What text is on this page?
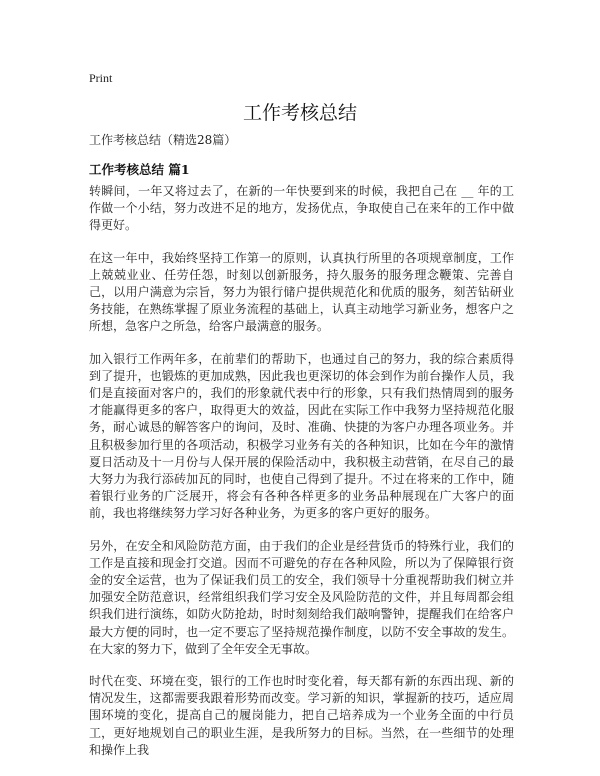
Print
工作考核总结
工作考核总结（精选28篇）
工作考核总结 篇1

转瞬间，一年又将过去了，在新的一年快要到来的时候，我把自己在 __ 年的工作做一个小结，努力改进不足的地方，发扬优点，争取使自己在来年的工作中做得更好。

在这一年中，我始终坚持工作第一的原则，认真执行所里的各项规章制度，工作上兢兢业业、任劳任怨，时刻以创新服务，持久服务的服务理念鞭策、完善自己，以用户满意为宗旨，努力为银行储户提供规范化和优质的服务，刻苦钻研业务技能，在熟练掌握了原业务流程的基础上，认真主动地学习新业务，想客户之所想，急客户之所急，给客户最满意的服务。

加入银行工作两年多，在前辈们的帮助下，也通过自己的努力，我的综合素质得到了提升，也锻炼的更加成熟，因此我也更深切的体会到作为前台操作人员，我们是直接面对客户的，我们的形象就代表中行的形象，只有我们热情周到的服务才能赢得更多的客户，取得更大的效益，因此在实际工作中我努力坚持规范化服务，耐心诚恳的解答客户的询问，及时、准确、快捷的为客户办理各项业务。并且积极参加行里的各项活动，积极学习业务有关的各种知识，比如在今年的激情夏日活动及十一月份与人保开展的保险活动中，我积极主动营销，在尽自己的最大努力为我行添砖加瓦的同时，也使自己得到了提升。不过在将来的工作中，随着银行业务的广泛展开，将会有各种各样更多的业务品种展现在广大客户的面前，我也将继续努力学习好各种业务，为更多的客户更好的服务。

另外，在安全和风险防范方面，由于我们的企业是经营货币的特殊行业，我们的工作是直接和现金打交道。因而不可避免的存在各种风险，所以为了保障银行资金的安全运营，也为了保证我们员工的安全，我们领导十分重视帮助我们树立并加强安全防范意识，经常组织我们学习安全及风险防范的文件，并且每周都会组织我们进行演练，如防火防抢劫，时时刻刻给我们敲响警钟，提醒我们在给客户最大方便的同时，也一定不要忘了坚持规范操作制度，以防不安全事故的发生。在大家的努力下，做到了全年安全无事故。

时代在变、环境在变，银行的工作也时时变化着，每天都有新的东西出现、新的情况发生，这都需要我跟着形势而改变。学习新的知识，掌握新的技巧，适应周围环境的变化，提高自己的履岗能力，把自己培养成为一个业务全面的中行员工，更好地规划自己的职业生涯，是我所努力的目标。当然，在一些细节的处理和操作上我
